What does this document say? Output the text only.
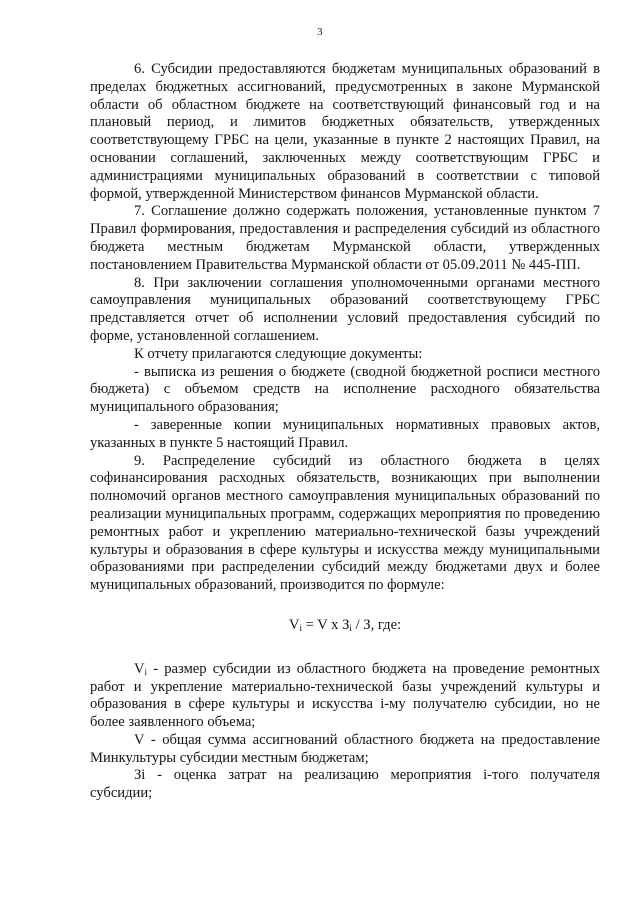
3

6. Субсидии предоставляются бюджетам муниципальных образований в пределах бюджетных ассигнований, предусмотренных в законе Мурманской области об областном бюджете на соответствующий финансовый год и на плановый период, и лимитов бюджетных обязательств, утвержденных соответствующему ГРБС на цели, указанные в пункте 2 настоящих Правил, на основании соглашений, заключенных между соответствующим ГРБС и администрациями муниципальных образований в соответствии с типовой формой, утвержденной Министерством финансов Мурманской области.

7. Соглашение должно содержать положения, установленные пунктом 7 Правил формирования, предоставления и распределения субсидий из областного бюджета местным бюджетам Мурманской области, утвержденных постановлением Правительства Мурманской области от 05.09.2011 № 445-ПП.

8. При заключении соглашения уполномоченными органами местного самоуправления муниципальных образований соответствующему ГРБС представляется отчет об исполнении условий предоставления субсидий по форме, установленной соглашением.

К отчету прилагаются следующие документы:

- выписка из решения о бюджете (сводной бюджетной росписи местного бюджета) с объемом средств на исполнение расходного обязательства муниципального образования;

- заверенные копии муниципальных нормативных правовых актов, указанных в пункте 5 настоящий Правил.

9. Распределение субсидий из областного бюджета в целях софинансирования расходных обязательств, возникающих при выполнении полномочий органов местного самоуправления муниципальных образований по реализации муниципальных программ, содержащих мероприятия по проведению ремонтных работ и укреплению материально-технической базы учреждений культуры и образования в сфере культуры и искусства между муниципальными образованиями при распределении субсидий между бюджетами двух и более муниципальных образований, производится по формуле:

$V_i = V$ x $З_i$ / З, где:

$V_i$ - размер субсидии из областного бюджета на проведение ремонтных работ и укрепление материально-технической базы учреждений культуры и образования в сфере культуры и искусства i-му получателю субсидии, но не более заявленного объема;

V - общая сумма ассигнований областного бюджета на предоставление Минкультуры субсидии местным бюджетам;

Зi - оценка затрат на реализацию мероприятия i-того получателя субсидии;
